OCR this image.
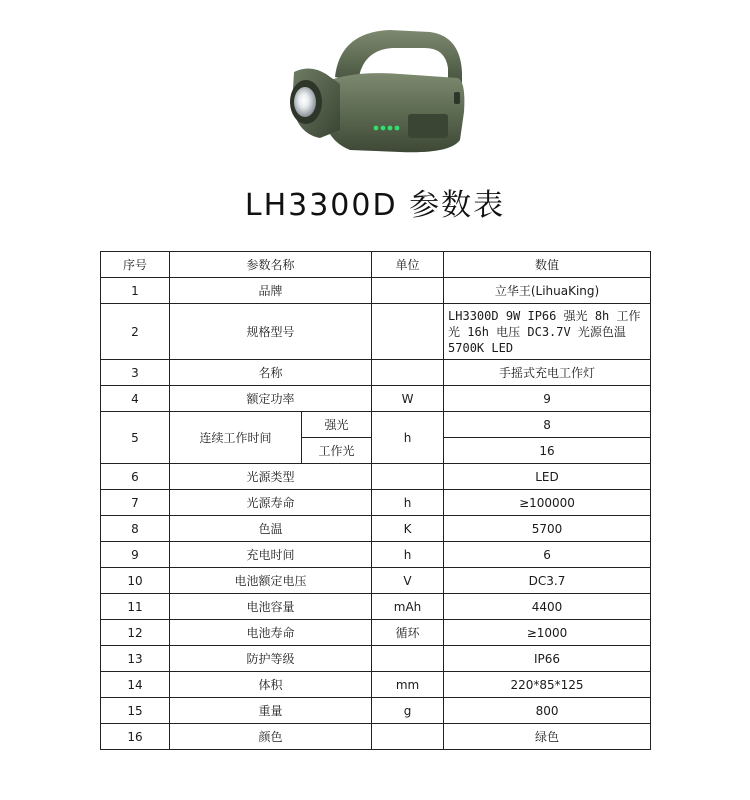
LH3300D 参数表
序号	参数名称		单位	数值
1	品牌			立华王(LihuaKing)
2	规格型号			LH3300D 9W IP66 强光 8h 工作光 16h 电压 DC3.7V 光源色温 5700K LED
3	名称			手摇式充电工作灯
4	额定功率		W	9
5	连续工作时间	强光	h	8
		工作光		16
6	光源类型			LED
7	光源寿命		h	≥100000
8	色温		K	5700
9	充电时间		h	6
10	电池额定电压		V	DC3.7
11	电池容量		mAh	4400
12	电池寿命		循环	≥1000
13	防护等级			IP66
14	体积		mm	220*85*125
15	重量		g	800
16	颜色			绿色
